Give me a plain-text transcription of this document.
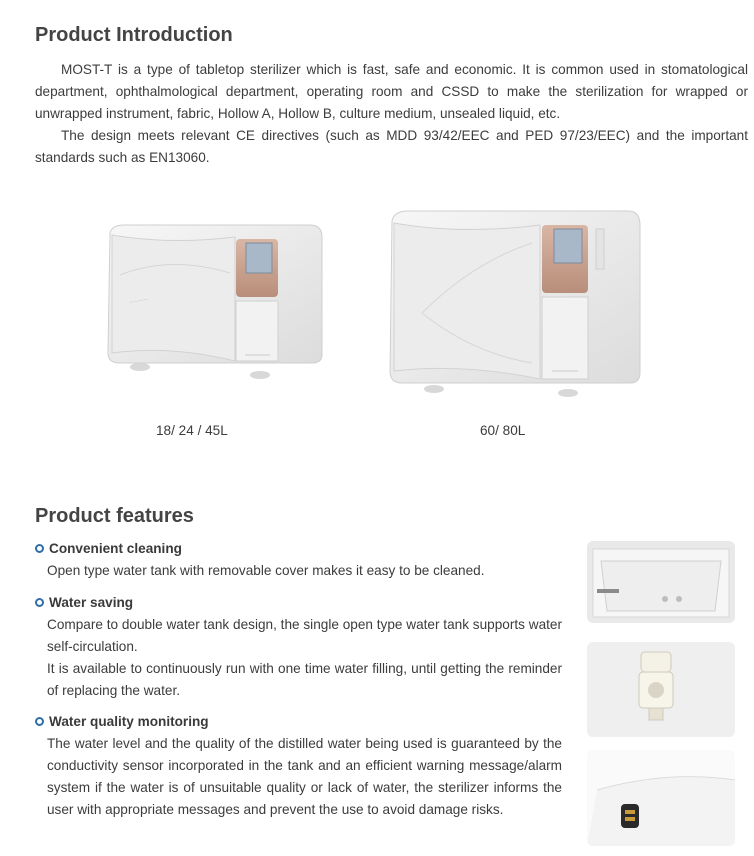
Product Introduction

MOST-T is a type of tabletop sterilizer which is fast, safe and economic. It is common used in stomatological department, ophthalmological department, operating room and CSSD to make the sterilization for wrapped or unwrapped instrument, fabric, Hollow A, Hollow B, culture medium, unsealed liquid, etc.

The design meets relevant CE directives (such as MDD 93/42/EEC and PED 97/23/EEC) and the important standards such as EN13060.

~~~~
18/ 24 / 45L	60/ 80L
Product features
Convenient cleaning

Open type water tank with removable cover makes it easy to be cleaned.

Water saving

Compare to double water tank design, the single open type water tank supports water self-circulation.
It is available to continuously run with one time water filling, until getting the reminder of replacing the water.

Water quality monitoring

The water level and the quality of the distilled water being used is guaranteed by the conductivity sensor incorporated in the tank and an efficient warning message/alarm system if the water is of unsuitable quality or lack of water, the sterilizer informs the user with appropriate messages and prevent the use to avoid damage risks.
